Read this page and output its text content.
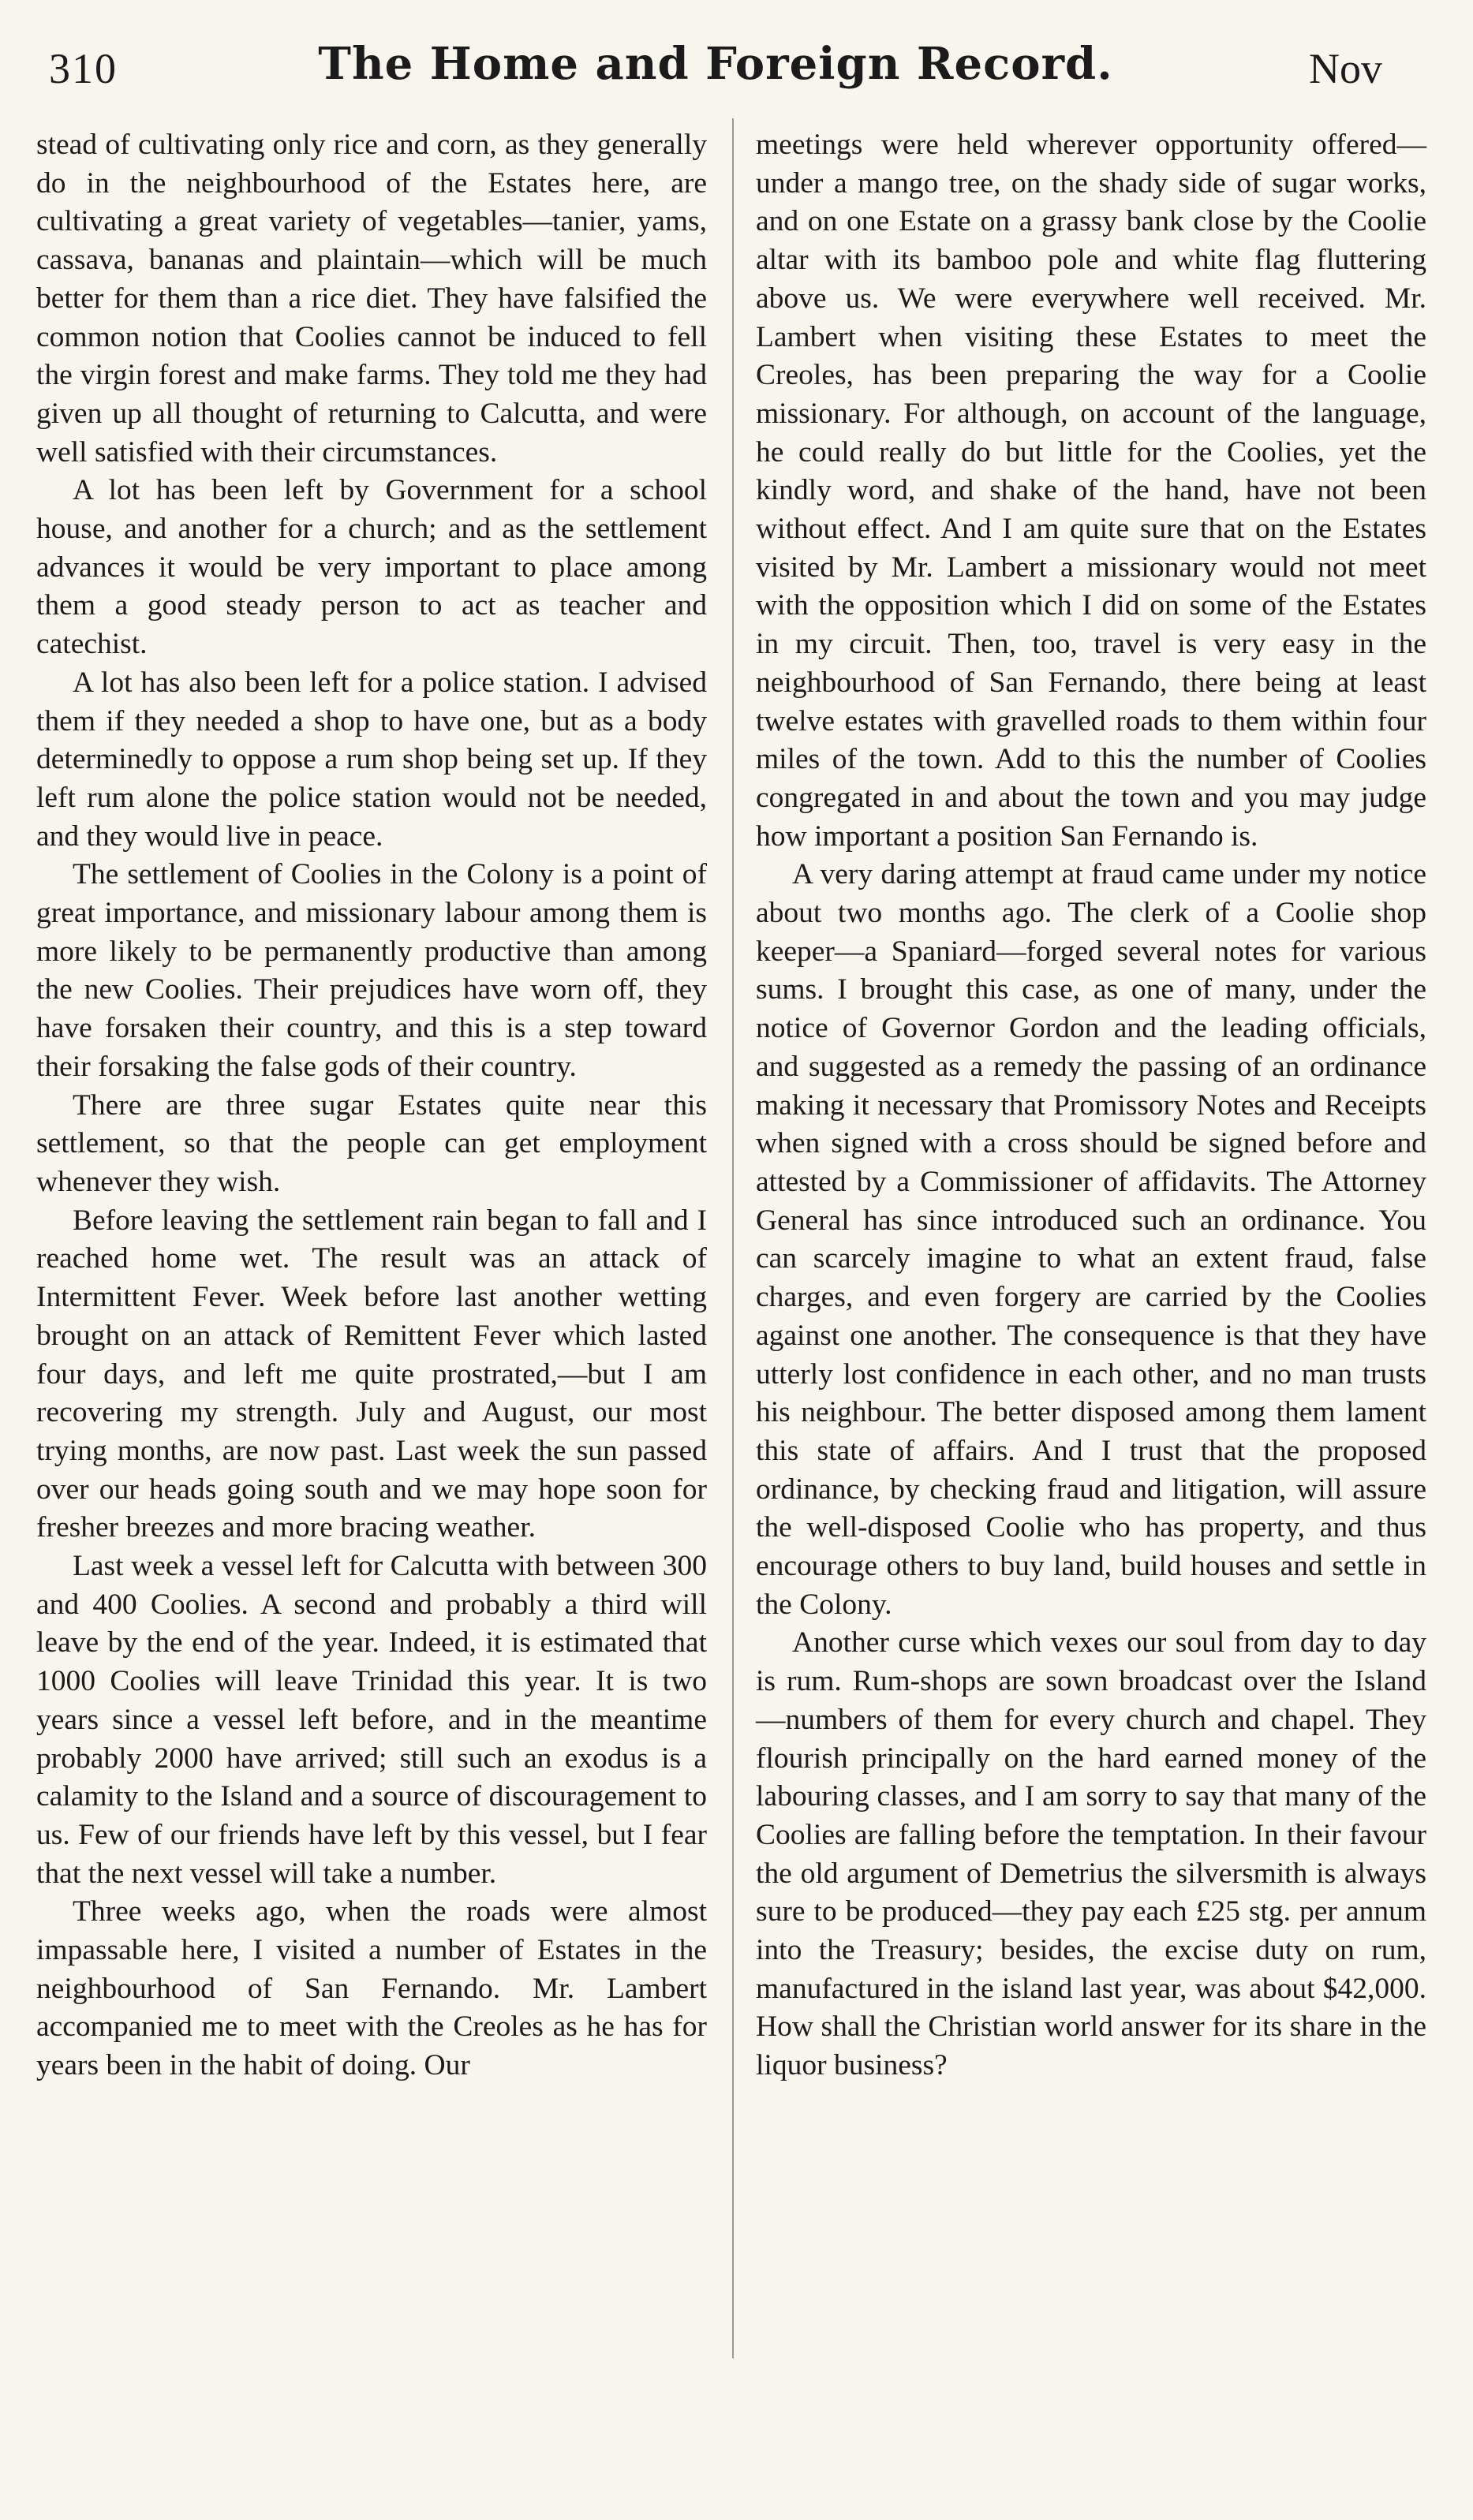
310	The Home and Foreign Record.	Nov

stead of cultivating only rice and corn, as they generally do in the neighbourhood of the Estates here, are cultivating a great variety of vegetables—tanier, yams, cassava, bananas and plaintain—which will be much better for them than a rice diet. They have falsified the common notion that Coolies cannot be induced to fell the virgin forest and make farms. They told me they had given up all thought of returning to Calcutta, and were well satisfied with their circumstances.

A lot has been left by Government for a school house, and another for a church; and as the settlement advances it would be very important to place among them a good steady person to act as teacher and catechist.

A lot has also been left for a police station. I advised them if they needed a shop to have one, but as a body determinedly to oppose a rum shop being set up. If they left rum alone the police station would not be needed, and they would live in peace.

The settlement of Coolies in the Colony is a point of great importance, and missionary labour among them is more likely to be permanently productive than among the new Coolies. Their prejudices have worn off, they have forsaken their country, and this is a step toward their forsaking the false gods of their country.

There are three sugar Estates quite near this settlement, so that the people can get employment whenever they wish.

Before leaving the settlement rain began to fall and I reached home wet. The result was an attack of Intermittent Fever. Week before last another wetting brought on an attack of Remittent Fever which lasted four days, and left me quite prostrated,—but I am recovering my strength. July and August, our most trying months, are now past. Last week the sun passed over our heads going south and we may hope soon for fresher breezes and more bracing weather.

Last week a vessel left for Calcutta with between 300 and 400 Coolies. A second and probably a third will leave by the end of the year. Indeed, it is estimated that 1000 Coolies will leave Trinidad this year. It is two years since a vessel left before, and in the meantime probably 2000 have arrived; still such an exodus is a calamity to the Island and a source of discouragement to us. Few of our friends have left by this vessel, but I fear that the next vessel will take a number.

Three weeks ago, when the roads were almost impassable here, I visited a number of Estates in the neighbourhood of San Fernando. Mr. Lambert accompanied me to meet with the Creoles as he has for years been in the habit of doing. Our

meetings were held wherever opportunity offered—under a mango tree, on the shady side of sugar works, and on one Estate on a grassy bank close by the Coolie altar with its bamboo pole and white flag fluttering above us. We were everywhere well received. Mr. Lambert when visiting these Estates to meet the Creoles, has been preparing the way for a Coolie missionary. For although, on account of the language, he could really do but little for the Coolies, yet the kindly word, and shake of the hand, have not been without effect. And I am quite sure that on the Estates visited by Mr. Lambert a missionary would not meet with the opposition which I did on some of the Estates in my circuit. Then, too, travel is very easy in the neighbourhood of San Fernando, there being at least twelve estates with gravelled roads to them within four miles of the town. Add to this the number of Coolies congregated in and about the town and you may judge how important a position San Fernando is.

A very daring attempt at fraud came under my notice about two months ago. The clerk of a Coolie shop keeper—a Spaniard—forged several notes for various sums. I brought this case, as one of many, under the notice of Governor Gordon and the leading officials, and suggested as a remedy the passing of an ordinance making it necessary that Promissory Notes and Receipts when signed with a cross should be signed before and attested by a Commissioner of affidavits. The Attorney General has since introduced such an ordinance. You can scarcely imagine to what an extent fraud, false charges, and even forgery are carried by the Coolies against one another. The consequence is that they have utterly lost confidence in each other, and no man trusts his neighbour. The better disposed among them lament this state of affairs. And I trust that the proposed ordinance, by checking fraud and litigation, will assure the well-disposed Coolie who has property, and thus encourage others to buy land, build houses and settle in the Colony.

Another curse which vexes our soul from day to day is rum. Rum-shops are sown broadcast over the Island—numbers of them for every church and chapel. They flourish principally on the hard earned money of the labouring classes, and I am sorry to say that many of the Coolies are falling before the temptation. In their favour the old argument of Demetrius the silversmith is always sure to be produced—they pay each £25 stg. per annum into the Treasury; besides, the excise duty on rum, manufactured in the island last year, was about $42,000. How shall the Christian world answer for its share in the liquor business?
